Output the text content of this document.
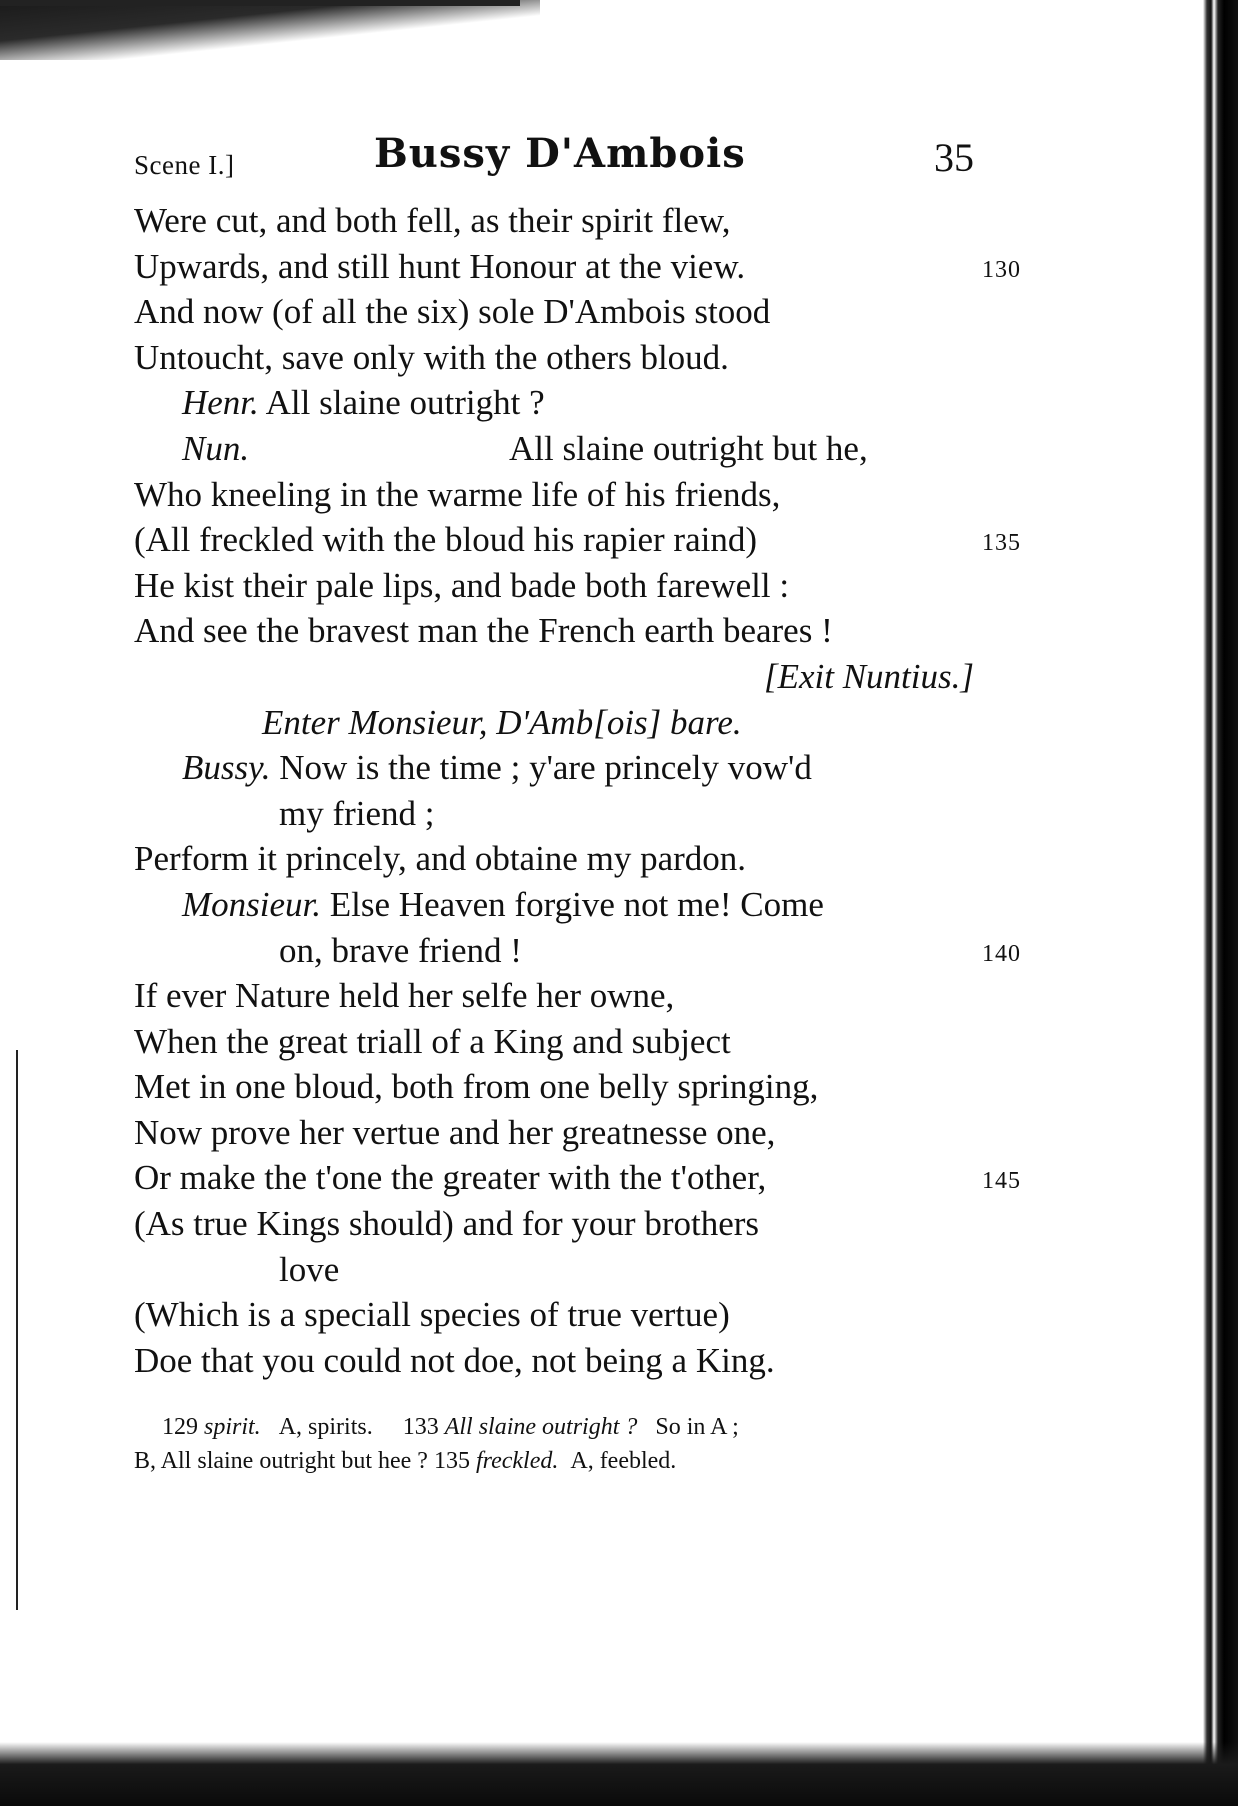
Scene I.]	Bussy D'Ambois	35
Were cut, and both fell, as their spirit flew,
Upwards, and still hunt Honour at the view.	130
And now (of all the six) sole D'Ambois stood
Untoucht, save only with the others bloud.
Henr. All slaine outright ?
Nun.	All slaine outright but he,
Who kneeling in the warme life of his friends,
(All freckled with the bloud his rapier raind)	135
He kist their pale lips, and bade both farewell :
And see the bravest man the French earth beares !
[Exit Nuntius.]
Enter Monsieur, D'Amb[ois] bare.
Bussy. Now is the time ; y'are princely vow'd
my friend ;
Perform it princely, and obtaine my pardon.
Monsieur. Else Heaven forgive not me! Come
on, brave friend !	140
If ever Nature held her selfe her owne,
When the great triall of a King and subject
Met in one bloud, both from one belly springing,
Now prove her vertue and her greatnesse one,
Or make the t'one the greater with the t'other,	145
(As true Kings should) and for your brothers
love
(Which is a speciall species of true vertue)
Doe that you could not doe, not being a King.
129 spirit. A, spirits. 133 All slaine outright ? So in A ;
B, All slaine outright but hee ? 135 freckled. A, feebled.
